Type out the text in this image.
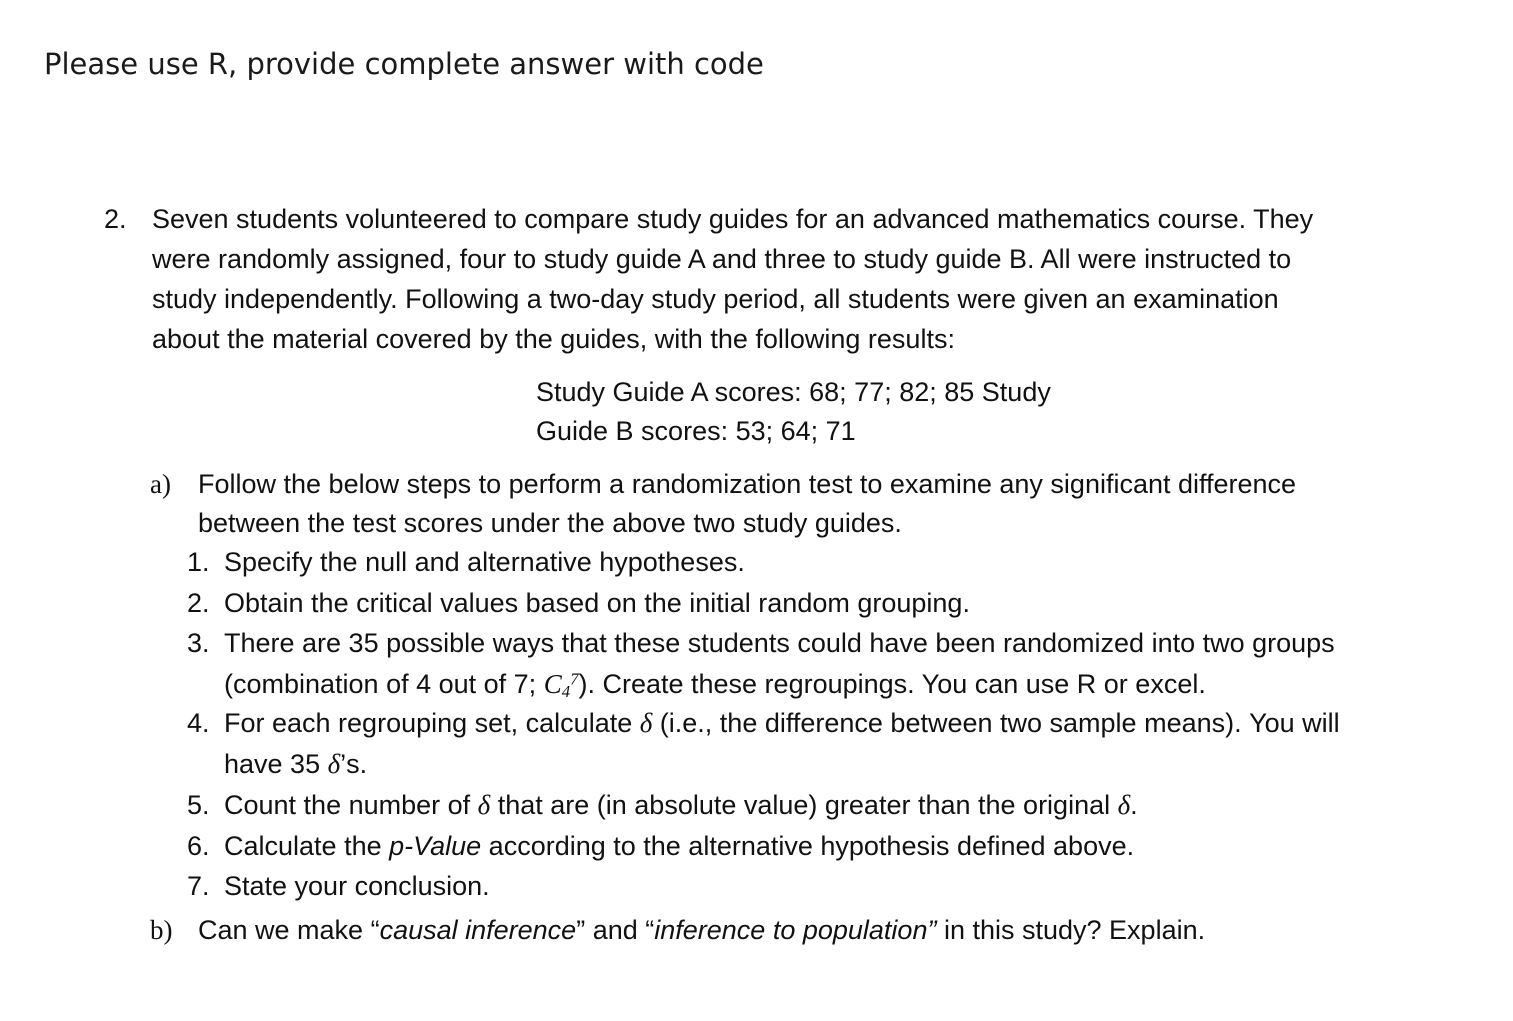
Please use R, provide complete answer with code
2. Seven students volunteered to compare study guides for an advanced mathematics course. They
were randomly assigned, four to study guide A and three to study guide B. All were instructed to
study independently. Following a two-day study period, all students were given an examination
about the material covered by the guides, with the following results:
Study Guide A scores: 68; 77; 82; 85 Study
Guide B scores: 53; 64; 71
a) Follow the below steps to perform a randomization test to examine any significant difference
between the test scores under the above two study guides.
1. Specify the null and alternative hypotheses.
2. Obtain the critical values based on the initial random grouping.
3. There are 35 possible ways that these students could have been randomized into two groups
(combination of 4 out of 7; $C_4^7$). Create these regroupings. You can use R or excel.
4. For each regrouping set, calculate δ (i.e., the difference between two sample means). You will
have 35 δ’s.
5. Count the number of δ that are (in absolute value) greater than the original δ.
6. Calculate the p-Value according to the alternative hypothesis defined above.
7. State your conclusion.
b) Can we make “causal inference” and “inference to population” in this study? Explain.
